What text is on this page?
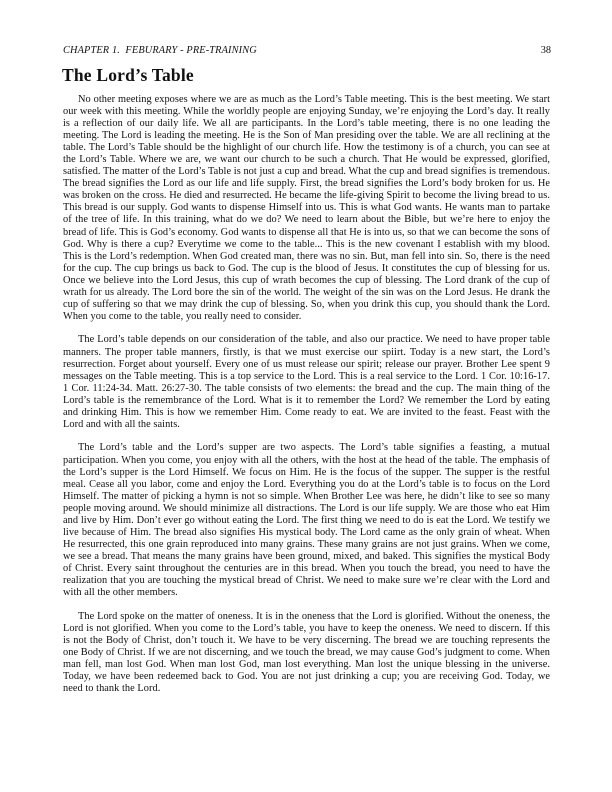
CHAPTER 1.  FEBURARY - PRE-TRAINING	38
The Lord’s Table

No other meeting exposes where we are as much as the Lord’s Table meeting. This is the best meeting. We start our week with this meeting. While the worldly people are enjoying Sunday, we’re enjoying the Lord’s day. It really is a reflection of our daily life. We all are participants. In the Lord’s table meeting, there is no one leading the meeting. The Lord is leading the meeting. He is the Son of Man presiding over the table. We are all reclining at the table. The Lord’s Table should be the highlight of our church life. How the testimony is of a church, you can see at the Lord’s Table. Where we are, we want our church to be such a church. That He would be expressed, glorified, satisfied. The matter of the Lord’s Table is not just a cup and bread. What the cup and bread signifies is tremendous. The bread signifies the Lord as our life and life supply. First, the bread signifies the Lord’s body broken for us. He was broken on the cross. He died and resurrected. He became the life-giving Spirit to become the living bread to us. This bread is our supply. God wants to dispense Himself into us. This is what God wants. He wants man to partake of the tree of life. In this training, what do we do? We need to learn about the Bible, but we’re here to enjoy the bread of life. This is God’s economy. God wants to dispense all that He is into us, so that we can become the sons of God. Why is there a cup? Everytime we come to the table... This is the new covenant I establish with my blood. This is the Lord’s redemption. When God created man, there was no sin. But, man fell into sin. So, there is the need for the cup. The cup brings us back to God. The cup is the blood of Jesus. It constitutes the cup of blessing for us. Once we believe into the Lord Jesus, this cup of wrath becomes the cup of blessing. The Lord drank of the cup of wrath for us already. The Lord bore the sin of the world. The weight of the sin was on the Lord Jesus. He drank the cup of suffering so that we may drink the cup of blessing. So, when you drink this cup, you should thank the Lord. When you come to the table, you really need to consider.

The Lord’s table depends on our consideration of the table, and also our practice. We need to have proper table manners. The proper table manners, firstly, is that we must exercise our spiirt. Today is a new start, the Lord’s resurrection. Forget about yourself. Every one of us must release our spirit; release our prayer. Brother Lee spent 9 messages on the Table meeting. This is a top service to the Lord. This is a real service to the Lord. 1 Cor. 10:16-17. 1 Cor. 11:24-34. Matt. 26:27-30. The table consists of two elements: the bread and the cup. The main thing of the Lord’s table is the remembrance of the Lord. What is it to remember the Lord? We remember the Lord by eating and drinking Him. This is how we remember Him. Come ready to eat. We are invited to the feast. Feast with the Lord and with all the saints.

The Lord’s table and the Lord’s supper are two aspects. The Lord’s table signifies a feasting, a mutual participation. When you come, you enjoy with all the others, with the host at the head of the table. The emphasis of the Lord’s supper is the Lord Himself. We focus on Him. He is the focus of the supper. The supper is the restful meal. Cease all you labor, come and enjoy the Lord. Everything you do at the Lord’s table is to focus on the Lord Himself. The matter of picking a hymn is not so simple. When Brother Lee was here, he didn’t like to see so many people moving around. We should minimize all distractions. The Lord is our life supply. We are those who eat Him and live by Him. Don’t ever go without eating the Lord. The first thing we need to do is eat the Lord. We testify we live because of Him. The bread also signifies His mystical body. The Lord came as the only grain of wheat. When He resurrected, this one grain reproduced into many grains. These many grains are not just grains. When we come, we see a bread. That means the many grains have been ground, mixed, and baked. This signifies the mystical Body of Christ. Every saint throughout the centuries are in this bread. When you touch the bread, you need to have the realization that you are touching the mystical bread of Christ. We need to make sure we’re clear with the Lord and with all the other members.

The Lord spoke on the matter of oneness. It is in the oneness that the Lord is glorified. Without the oneness, the Lord is not glorified. When you come to the Lord’s table, you have to keep the oneness. We need to discern. If this is not the Body of Christ, don’t touch it. We have to be very discerning. The bread we are touching represents the one Body of Christ. If we are not discerning, and we touch the bread, we may cause God’s judgment to come. When man fell, man lost God. When man lost God, man lost everything. Man lost the unique blessing in the universe. Today, we have been redeemed back to God. You are not just drinking a cup; you are receiving God. Today, we need to thank the Lord.
